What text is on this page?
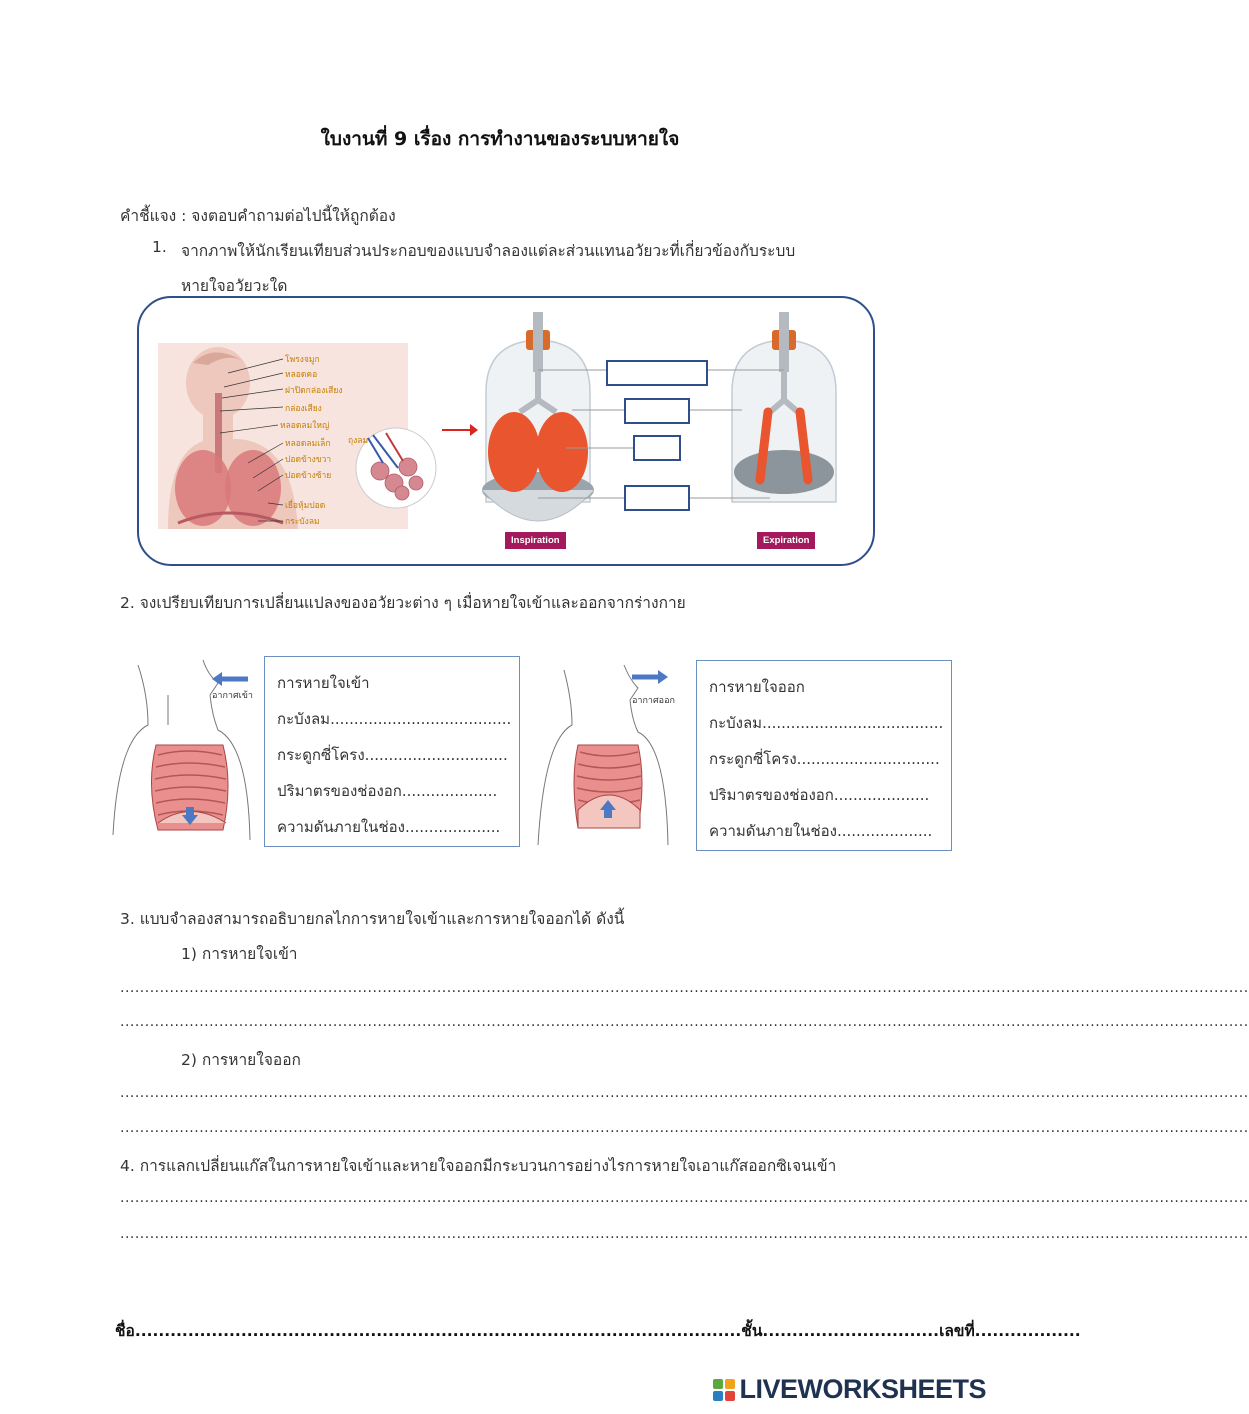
ใบงานที่ 9 เรื่อง การทำงานของระบบหายใจ
คำชี้แจง : จงตอบคำถามต่อไปนี้ให้ถูกต้อง
1. จากภาพให้นักเรียนเทียบส่วนประกอบของแบบจำลองแต่ละส่วนแทนอวัยวะที่เกี่ยวข้องกับระบบ
หายใจอวัยวะใด
โพรงจมูก
หลอดคอ
ฝาปิดกล่องเสียง
กล่องเสียง
หลอดลมใหญ่
หลอดลมเล็ก
ปอดข้างขวา
ปอดข้างซ้าย
เยื่อหุ้มปอด
กระบังลม
ถุงลม
Inspiration	Expiration
2. จงเปรียบเทียบการเปลี่ยนแปลงของอวัยวะต่าง ๆ เมื่อหายใจเข้าและออกจากร่างกาย
อากาศเข้า
การหายใจเข้า
กะบังลม......................................
กระดูกซี่โครง..............................
ปริมาตรของช่องอก....................
ความดันภายในช่อง....................
อากาศออก
การหายใจออก
กะบังลม......................................
กระดูกซี่โครง..............................
ปริมาตรของช่องอก....................
ความดันภายในช่อง....................
3. แบบจำลองสามารถอธิบายกลไกการหายใจเข้าและการหายใจออกได้ ดังนี้
1) การหายใจเข้า
....................................................................................................................................................................................................................................
....................................................................................................................................................................................................................................
2) การหายใจออก
....................................................................................................................................................................................................................................
....................................................................................................................................................................................................................................
4. การแลกเปลี่ยนแก๊สในการหายใจเข้าและหายใจออกมีกระบวนการอย่างไรการหายใจเอาแก๊สออกซิเจนเข้า
....................................................................................................................................................................................................................................
....................................................................................................................................................................................................................................
ชื่อ.......................................................................................................ชั้น..............................เลขที่..................
LIVEWORKSHEETS
